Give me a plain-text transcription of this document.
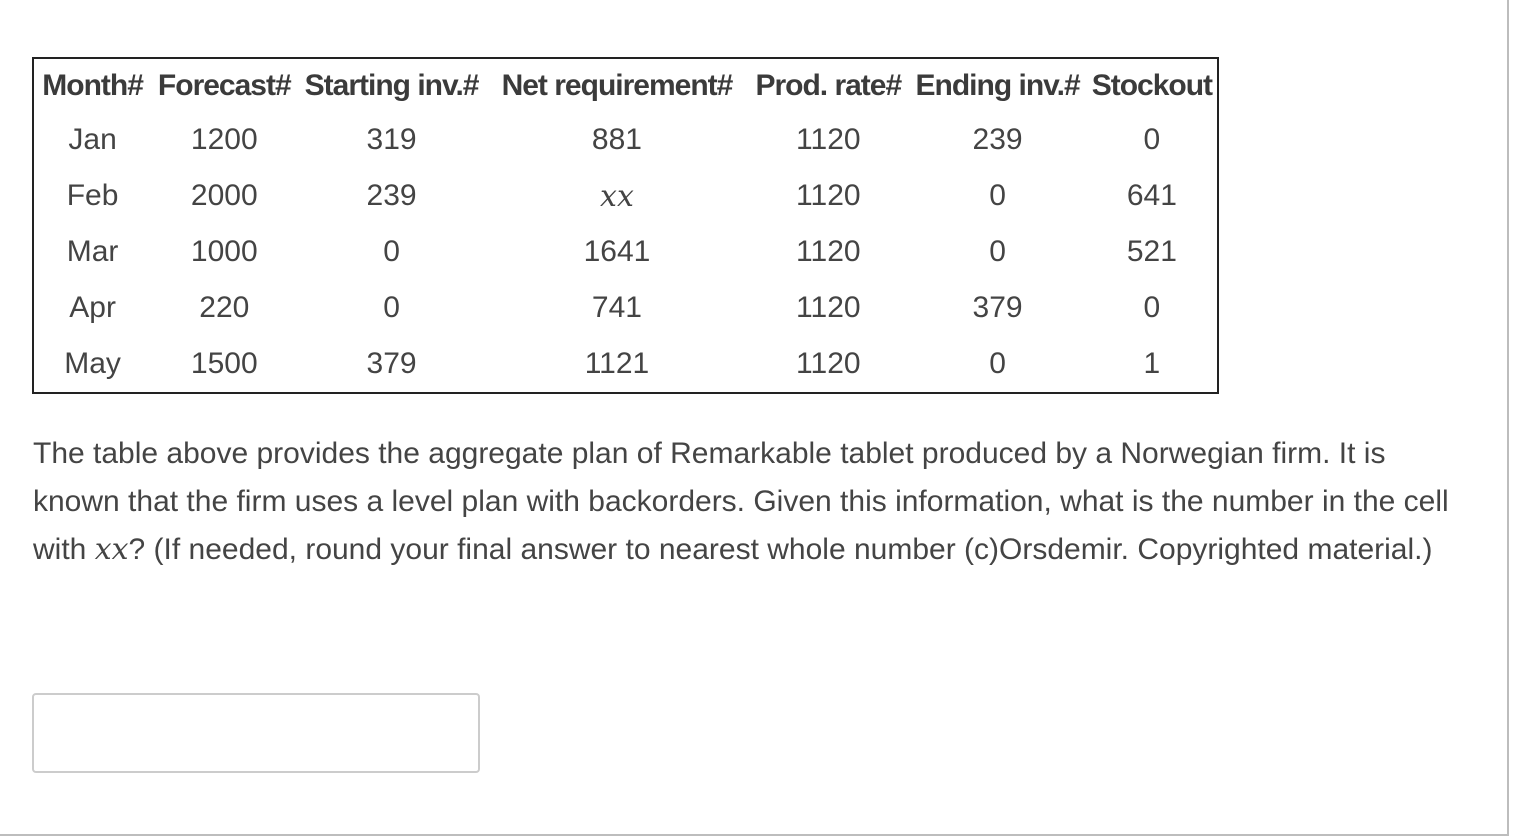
Month#	Forecast#	Starting inv.#	Net requirement#	Prod. rate#	Ending inv.#	Stockout
Jan	1200	319	881	1120	239	0
Feb	2000	239	xx	1120	0	641
Mar	1000	0	1641	1120	0	521
Apr	220	0	741	1120	379	0
May	1500	379	1121	1120	0	1

The table above provides the aggregate plan of Remarkable tablet produced by a Norwegian firm. It is known that the firm uses a level plan with backorders. Given this information, what is the number in the cell with xx? (If needed, round your final answer to nearest whole number (c)Orsdemir. Copyrighted material.)
